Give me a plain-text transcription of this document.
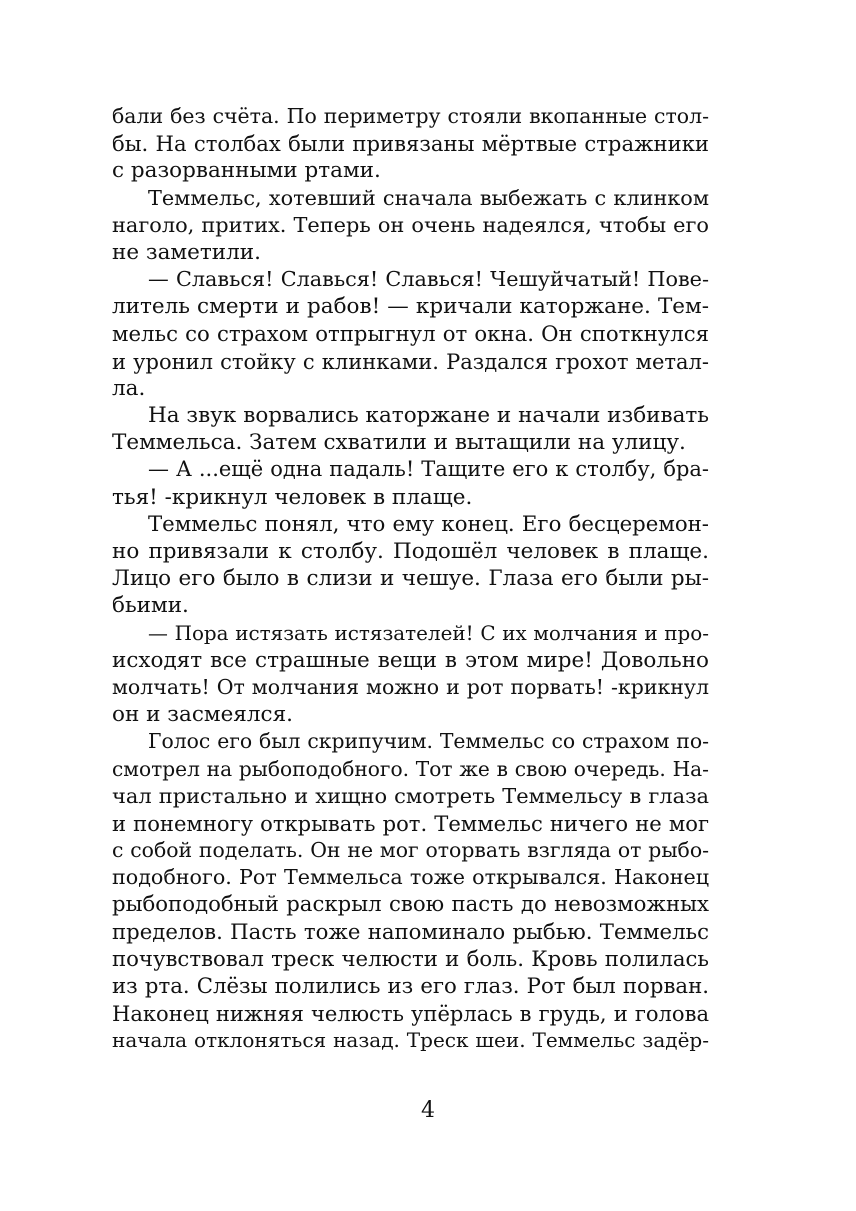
бали без счёта. По периметру стояли вкопанные стол-
бы. На столбах были привязаны мёртвые стражники
с разорванными ртами.
Теммельс, хотевший сначала выбежать с клинком
наголо, притих. Теперь он очень надеялся, чтобы его
не заметили.
— Славься! Славься! Славься! Чешуйчатый! Пове-
литель смерти и рабов! — кричали каторжане. Тем-
мельс со страхом отпрыгнул от окна. Он споткнулся
и уронил стойку с клинками. Раздался грохот метал-
ла.
На звук ворвались каторжане и начали избивать
Теммельса. Затем схватили и вытащили на улицу.
— А ...ещё одна падаль! Тащите его к столбу, бра-
тья! -крикнул человек в плаще.
Теммельс понял, что ему конец. Его бесцеремон-
но привязали к столбу. Подошёл человек в плаще.
Лицо его было в слизи и чешуе. Глаза его были ры-
бьими.
— Пора истязать истязателей! С их молчания и про-
исходят все страшные вещи в этом мире! Довольно
молчать! От молчания можно и рот порвать! -крикнул
он и засмеялся.
Голос его был скрипучим. Теммельс со страхом по-
смотрел на рыбоподобного. Тот же в свою очередь. На-
чал пристально и хищно смотреть Теммельсу в глаза
и понемногу открывать рот. Теммельс ничего не мог
с собой поделать. Он не мог оторвать взгляда от рыбо-
подобного. Рот Теммельса тоже открывался. Наконец
рыбоподобный раскрыл свою пасть до невозможных
пределов. Пасть тоже напоминало рыбью. Теммельс
почувствовал треск челюсти и боль. Кровь полилась
из рта. Слёзы полились из его глаз. Рот был порван.
Наконец нижняя челюсть упёрлась в грудь, и голова
начала отклоняться назад. Треск шеи. Теммельс задёр-
4
